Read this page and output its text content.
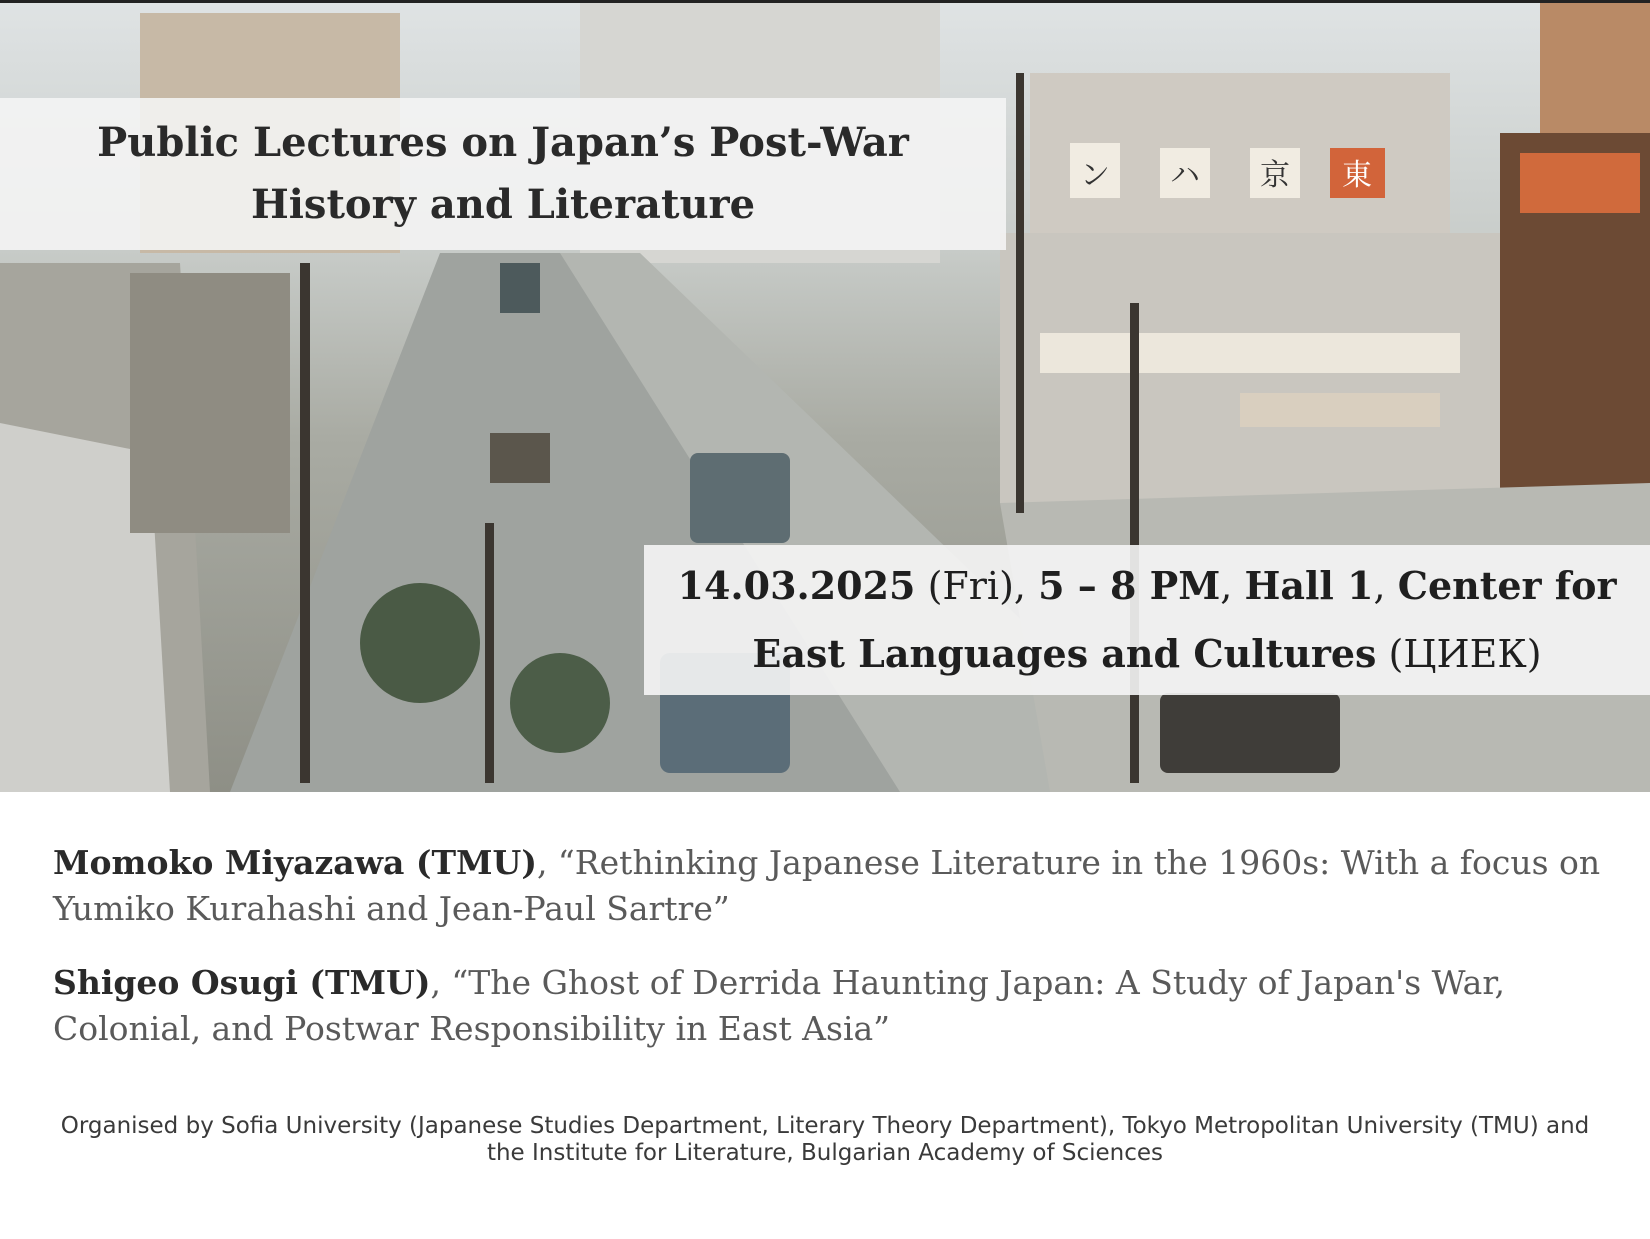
ン ハ 京 東
Public Lectures on Japan’s Post-War
History and Literature

14.03.2025 (Fri), 5 – 8 PM, Hall 1, Center for
East Languages and Cultures (ЦИЕК)

Momoko Miyazawa (TMU), “Rethinking Japanese Literature in the 1960s: With a focus on Yumiko Kurahashi and Jean-Paul Sartre”

Shigeo Osugi (TMU), “The Ghost of Derrida Haunting Japan: A Study of Japan's War, Colonial, and Postwar Responsibility in East Asia”

Organised by Sofia University (Japanese Studies Department, Literary Theory Department), Tokyo Metropolitan University (TMU) and
the Institute for Literature, Bulgarian Academy of Sciences
